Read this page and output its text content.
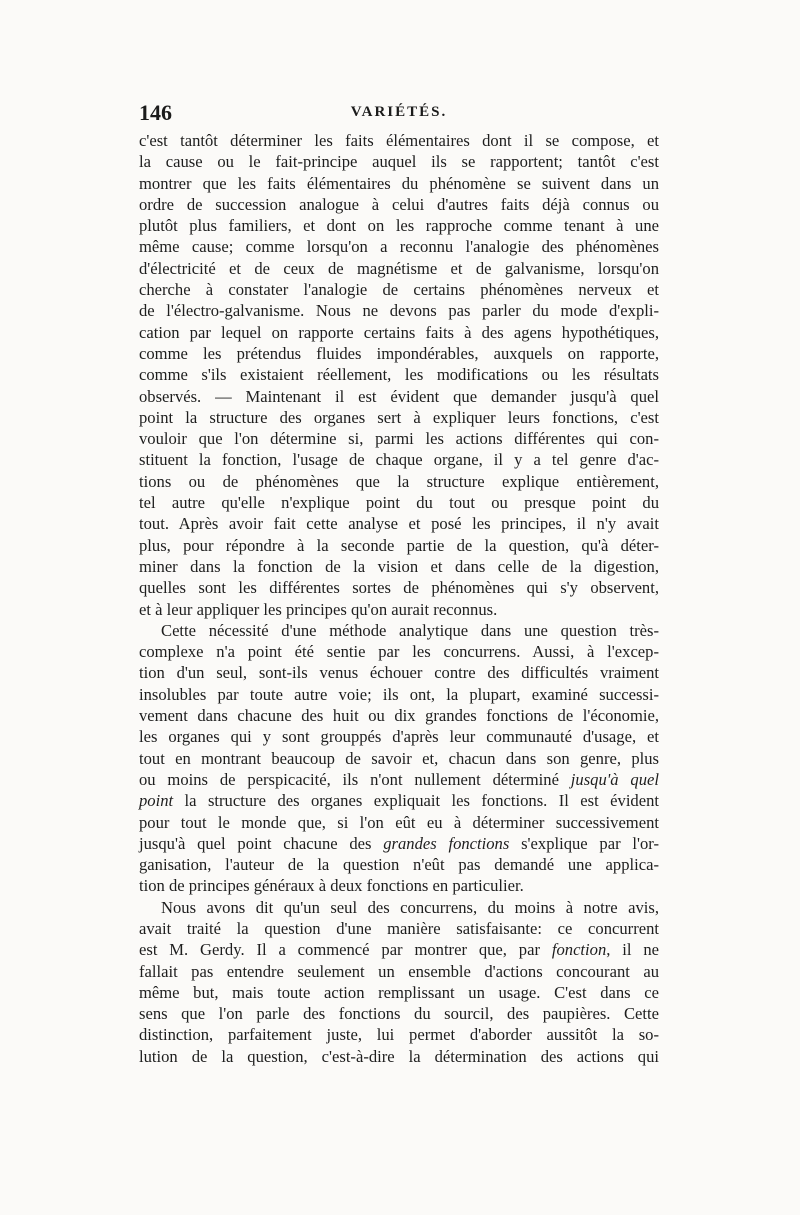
146	VARIÉTÉS.
c'est tantôt déterminer les faits élémentaires dont il se compose, et
la cause ou le fait-principe auquel ils se rapportent; tantôt c'est
montrer que les faits élémentaires du phénomène se suivent dans un
ordre de succession analogue à celui d'autres faits déjà connus ou
plutôt plus familiers, et dont on les rapproche comme tenant à une
même cause; comme lorsqu'on a reconnu l'analogie des phénomènes
d'électricité et de ceux de magnétisme et de galvanisme, lorsqu'on
cherche à constater l'analogie de certains phénomènes nerveux et
de l'électro-galvanisme. Nous ne devons pas parler du mode d'expli-
cation par lequel on rapporte certains faits à des agens hypothétiques,
comme les prétendus fluides impondérables, auxquels on rapporte,
comme s'ils existaient réellement, les modifications ou les résultats
observés. — Maintenant il est évident que demander jusqu'à quel
point la structure des organes sert à expliquer leurs fonctions, c'est
vouloir que l'on détermine si, parmi les actions différentes qui con-
stituent la fonction, l'usage de chaque organe, il y a tel genre d'ac-
tions ou de phénomènes que la structure explique entièrement,
tel autre qu'elle n'explique point du tout ou presque point du
tout. Après avoir fait cette analyse et posé les principes, il n'y avait
plus, pour répondre à la seconde partie de la question, qu'à déter-
miner dans la fonction de la vision et dans celle de la digestion,
quelles sont les différentes sortes de phénomènes qui s'y observent,
et à leur appliquer les principes qu'on aurait reconnus.
Cette nécessité d'une méthode analytique dans une question très-
complexe n'a point été sentie par les concurrens. Aussi, à l'excep-
tion d'un seul, sont-ils venus échouer contre des difficultés vraiment
insolubles par toute autre voie; ils ont, la plupart, examiné successi-
vement dans chacune des huit ou dix grandes fonctions de l'économie,
les organes qui y sont grouppés d'après leur communauté d'usage, et
tout en montrant beaucoup de savoir et, chacun dans son genre, plus
ou moins de perspicacité, ils n'ont nullement déterminé jusqu'à quel
point la structure des organes expliquait les fonctions. Il est évident
pour tout le monde que, si l'on eût eu à déterminer successivement
jusqu'à quel point chacune des grandes fonctions s'explique par l'or-
ganisation, l'auteur de la question n'eût pas demandé une applica-
tion de principes généraux à deux fonctions en particulier.
Nous avons dit qu'un seul des concurrens, du moins à notre avis,
avait traité la question d'une manière satisfaisante: ce concurrent
est M. Gerdy. Il a commencé par montrer que, par fonction, il ne
fallait pas entendre seulement un ensemble d'actions concourant au
même but, mais toute action remplissant un usage. C'est dans ce
sens que l'on parle des fonctions du sourcil, des paupières. Cette
distinction, parfaitement juste, lui permet d'aborder aussitôt la so-
lution de la question, c'est-à-dire la détermination des actions qui
